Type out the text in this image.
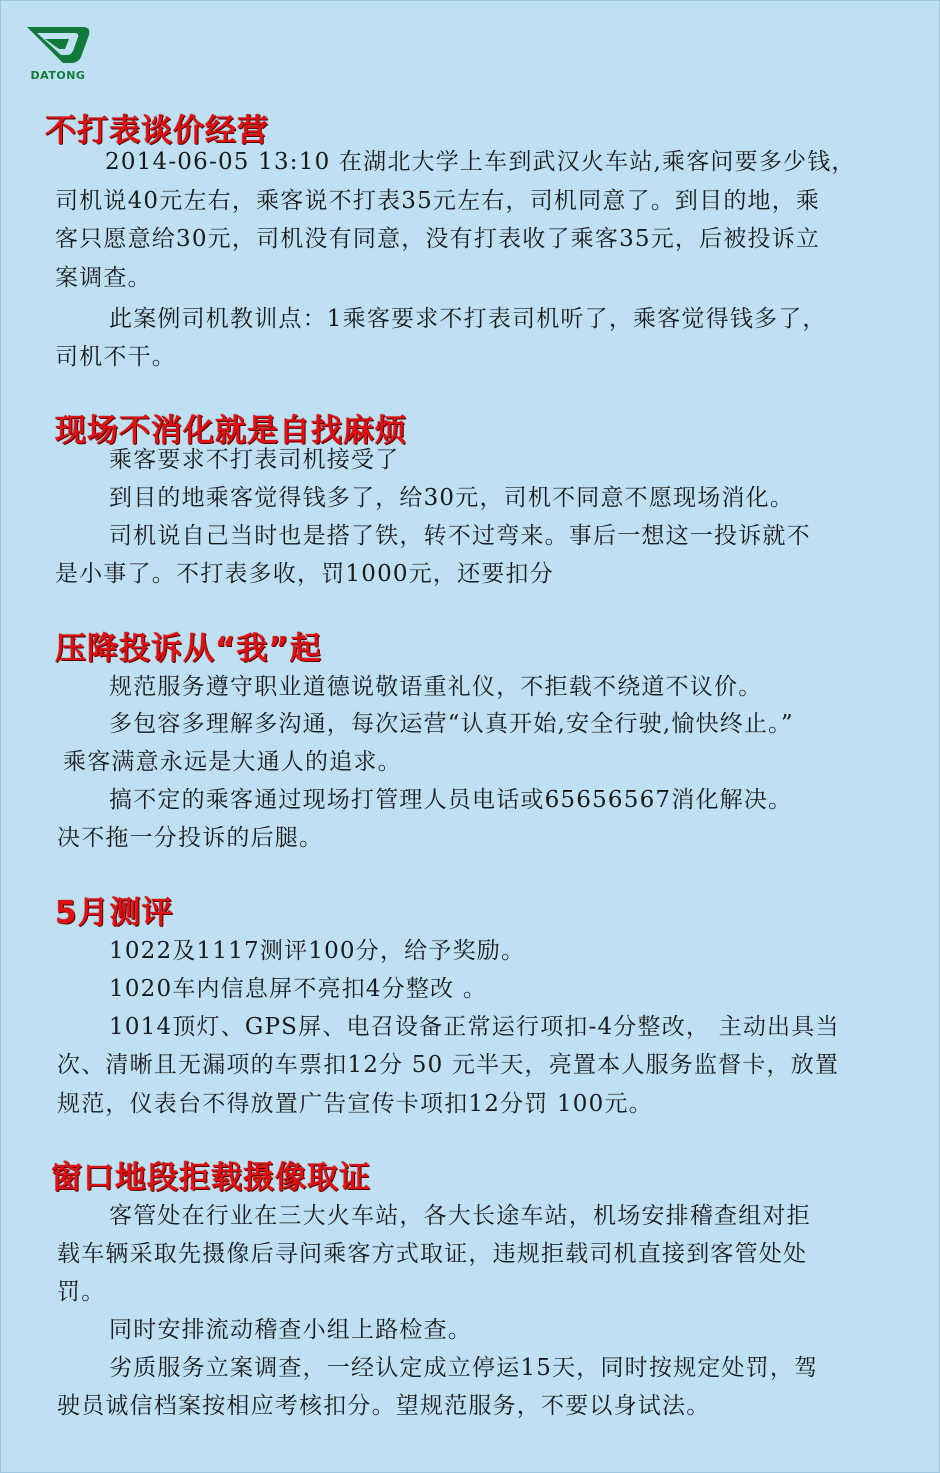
DATONG
不打表谈价经营
2014-06-05 13:10 在湖北大学上车到武汉火车站,乘客问要多少钱，
司机说40元左右，乘客说不打表35元左右，司机同意了。到目的地，乘
客只愿意给30元，司机没有同意，没有打表收了乘客35元，后被投诉立
案调查。
此案例司机教训点：1乘客要求不打表司机听了，乘客觉得钱多了，
司机不干。
现场不消化就是自找麻烦
乘客要求不打表司机接受了
到目的地乘客觉得钱多了，给30元，司机不同意不愿现场消化。
司机说自己当时也是搭了铁，转不过弯来。事后一想这一投诉就不
是小事了。不打表多收，罚1000元，还要扣分
压降投诉从“我”起
规范服务遵守职业道德说敬语重礼仪，不拒载不绕道不议价。
多包容多理解多沟通，每次运营“认真开始,安全行驶,愉快终止。”
乘客满意永远是大通人的追求。
搞不定的乘客通过现场打管理人员电话或65656567消化解决。
决不拖一分投诉的后腿。
5月测评
1022及1117测评100分，给予奖励。
1020车内信息屏不亮扣4分整改 。
1014顶灯、GPS屏、电召设备正常运行项扣-4分整改， 主动出具当
次、清晰且无漏项的车票扣12分 50 元半天，亮置本人服务监督卡，放置
规范，仪表台不得放置广告宣传卡项扣12分罚 100元。
窗口地段拒载摄像取证
客管处在行业在三大火车站，各大长途车站，机场安排稽查组对拒
载车辆采取先摄像后寻问乘客方式取证，违规拒载司机直接到客管处处
罚。
同时安排流动稽查小组上路检查。
劣质服务立案调查，一经认定成立停运15天，同时按规定处罚，驾
驶员诚信档案按相应考核扣分。望规范服务，不要以身试法。
